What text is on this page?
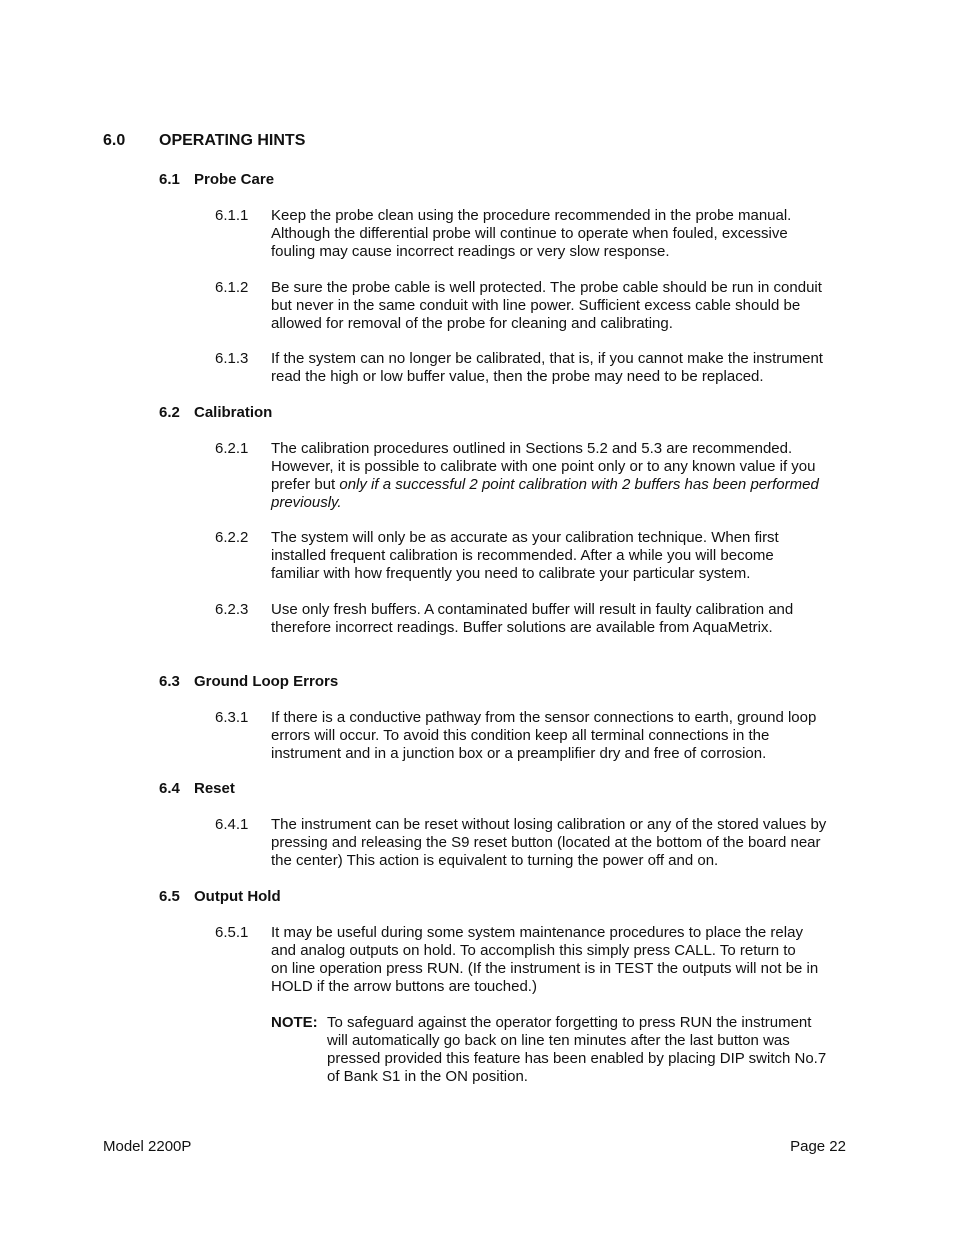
6.0 OPERATING HINTS
6.1 Probe Care
6.1.1 Keep the probe clean using the procedure recommended in the probe manual.
Although the differential probe will continue to operate when fouled, excessive
fouling may cause incorrect readings or very slow response.
6.1.2 Be sure the probe cable is well protected. The probe cable should be run in conduit
but never in the same conduit with line power. Sufficient excess cable should be
allowed for removal of the probe for cleaning and calibrating.
6.1.3 If the system can no longer be calibrated, that is, if you cannot make the instrument
read the high or low buffer value, then the probe may need to be replaced.
6.2 Calibration
6.2.1 The calibration procedures outlined in Sections 5.2 and 5.3 are recommended.
However, it is possible to calibrate with one point only or to any known value if you
prefer but only if a successful 2 point calibration with 2 buffers has been performed
previously.
6.2.2 The system will only be as accurate as your calibration technique. When first
installed frequent calibration is recommended. After a while you will become
familiar with how frequently you need to calibrate your particular system.
6.2.3 Use only fresh buffers. A contaminated buffer will result in faulty calibration and
therefore incorrect readings. Buffer solutions are available from AquaMetrix.
6.3 Ground Loop Errors
6.3.1 If there is a conductive pathway from the sensor connections to earth, ground loop
errors will occur. To avoid this condition keep all terminal connections in the
instrument and in a junction box or a preamplifier dry and free of corrosion.
6.4 Reset
6.4.1 The instrument can be reset without losing calibration or any of the stored values by
pressing and releasing the S9 reset button (located at the bottom of the board near
the center) This action is equivalent to turning the power off and on.
6.5 Output Hold
6.5.1 It may be useful during some system maintenance procedures to place the relay
and analog outputs on hold. To accomplish this simply press CALL. To return to
on line operation press RUN. (If the instrument is in TEST the outputs will not be in
HOLD if the arrow buttons are touched.)
NOTE: To safeguard against the operator forgetting to press RUN the instrument
will automatically go back on line ten minutes after the last button was
pressed provided this feature has been enabled by placing DIP switch No.7
of Bank S1 in the ON position.
Model 2200P	Page 22
